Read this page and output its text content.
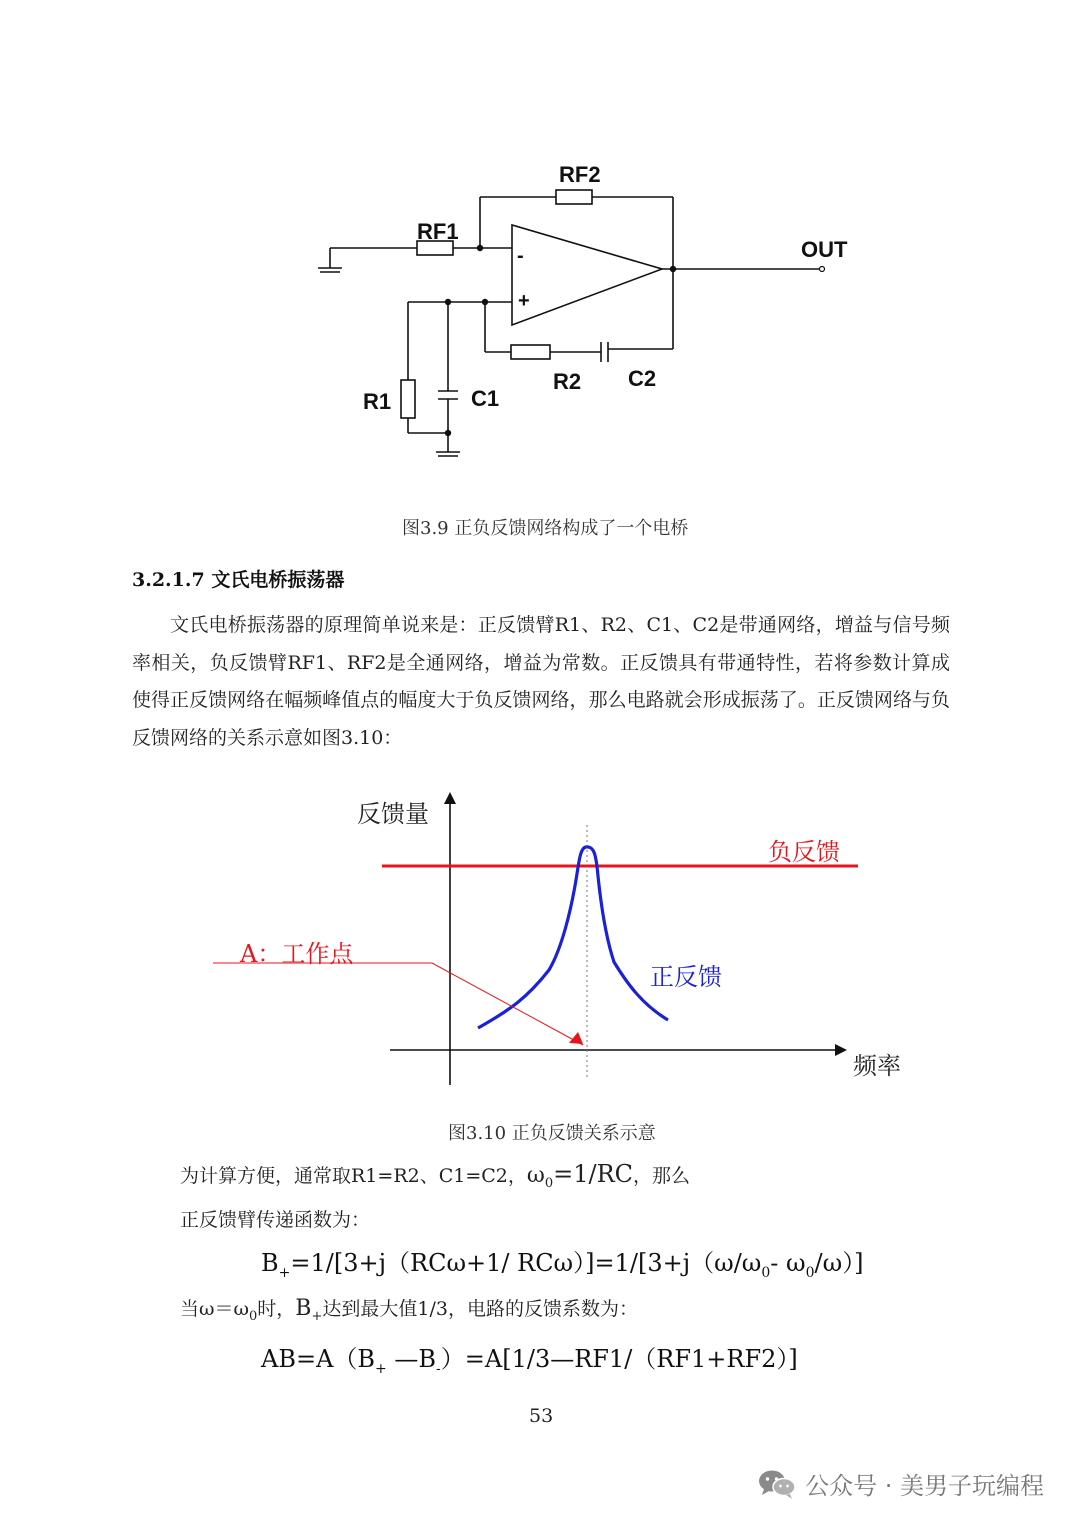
RF2
RF1
OUT
-
+
R1	C1
R2 C2
图3.9 正负反馈网络构成了一个电桥
3.2.1.7 文氏电桥振荡器
文氏电桥振荡器的原理简单说来是：正反馈臂R1、R2、C1、C2是带通网络，增益与信号频率相关，负反馈臂RF1、RF2是全通网络，增益为常数。正反馈具有带通特性，若将参数计算成使得正反馈网络在幅频峰值点的幅度大于负反馈网络，那么电路就会形成振荡了。正反馈网络与负反馈网络的关系示意如图3.10：
反馈量
频率
负反馈
正反馈
A：工作点
图3.10 正负反馈关系示意
为计算方便，通常取R1=R2、C1=C2，$\omega_0=1/RC$，那么
正反馈臂传递函数为：
$B_+=1/[3+j(RC\omega+1/$ $RC\omega)]=1/[3+j(\omega/\omega_0-$ $\omega_0/\omega$）]
当$\omega=\omega_0$时，$B_+$达到最大值1/3，电路的反馈系数为：
$AB=A(B_+$ $—B_-)=A[1/3—RF1/(RF1+RF2)]$
53
公众号 · 美男子玩编程
